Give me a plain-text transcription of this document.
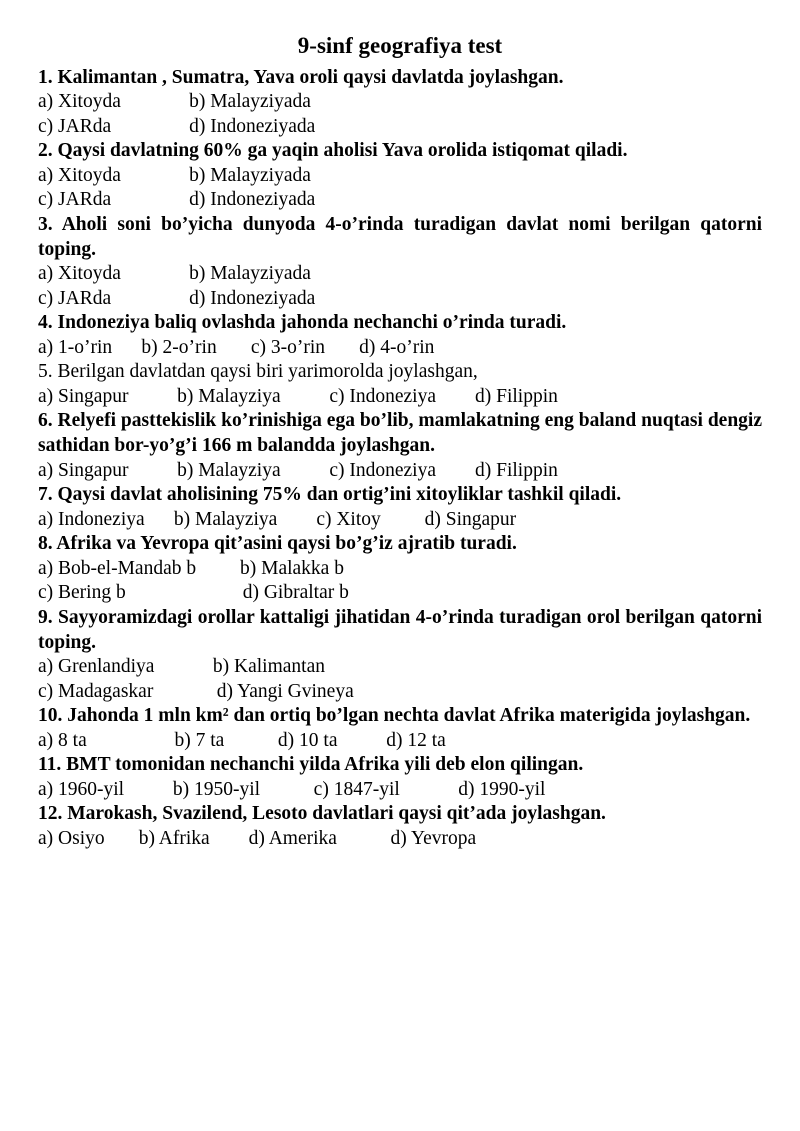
9-sinf geografiya test

1. Kalimantan , Sumatra, Yava oroli qaysi davlatda joylashgan.

a) Xitoyda              b) Malayziyada

c) JARda                d) Indoneziyada

2. Qaysi davlatning 60% ga yaqin aholisi Yava orolida istiqomat qiladi.

a) Xitoyda              b) Malayziyada

c) JARda                d) Indoneziyada

3. Aholi soni bo’yicha dunyoda 4-o’rinda turadigan davlat nomi berilgan qatorni toping.

a) Xitoyda              b) Malayziyada

c) JARda                d) Indoneziyada

4. Indoneziya baliq ovlashda jahonda nechanchi o’rinda turadi.

a) 1-o’rin      b) 2-o’rin       c) 3-o’rin       d) 4-o’rin

5. Berilgan davlatdan qaysi biri yarimorolda joylashgan,

a) Singapur          b) Malayziya          c) Indoneziya        d) Filippin

6. Relyefi pasttekislik ko’rinishiga ega bo’lib, mamlakatning eng baland nuqtasi dengiz sathidan bor-yo’g’i 166 m balandda joylashgan.

a) Singapur          b) Malayziya          c) Indoneziya        d) Filippin

7. Qaysi davlat aholisining 75% dan ortig’ini xitoyliklar tashkil qiladi.

a) Indoneziya      b) Malayziya        c) Xitoy         d) Singapur

8. Afrika va Yevropa qit’asini qaysi bo’g’iz ajratib turadi.

a) Bob-el-Mandab b         b) Malakka b

c) Bering b                        d) Gibraltar b

9. Sayyoramizdagi orollar kattaligi jihatidan 4-o’rinda turadigan orol berilgan qatorni toping.

a) Grenlandiya            b) Kalimantan

c) Madagaskar             d) Yangi Gvineya

10. Jahonda 1 mln km² dan ortiq bo’lgan nechta davlat Afrika materigida joylashgan.

a) 8 ta                  b) 7 ta           d) 10 ta          d) 12 ta

11. BMT tomonidan nechanchi yilda Afrika yili deb elon qilingan.

a) 1960-yil          b) 1950-yil           c) 1847-yil            d) 1990-yil

12. Marokash, Svazilend, Lesoto davlatlari qaysi qit’ada joylashgan.

a) Osiyo       b) Afrika        d) Amerika           d) Yevropa
